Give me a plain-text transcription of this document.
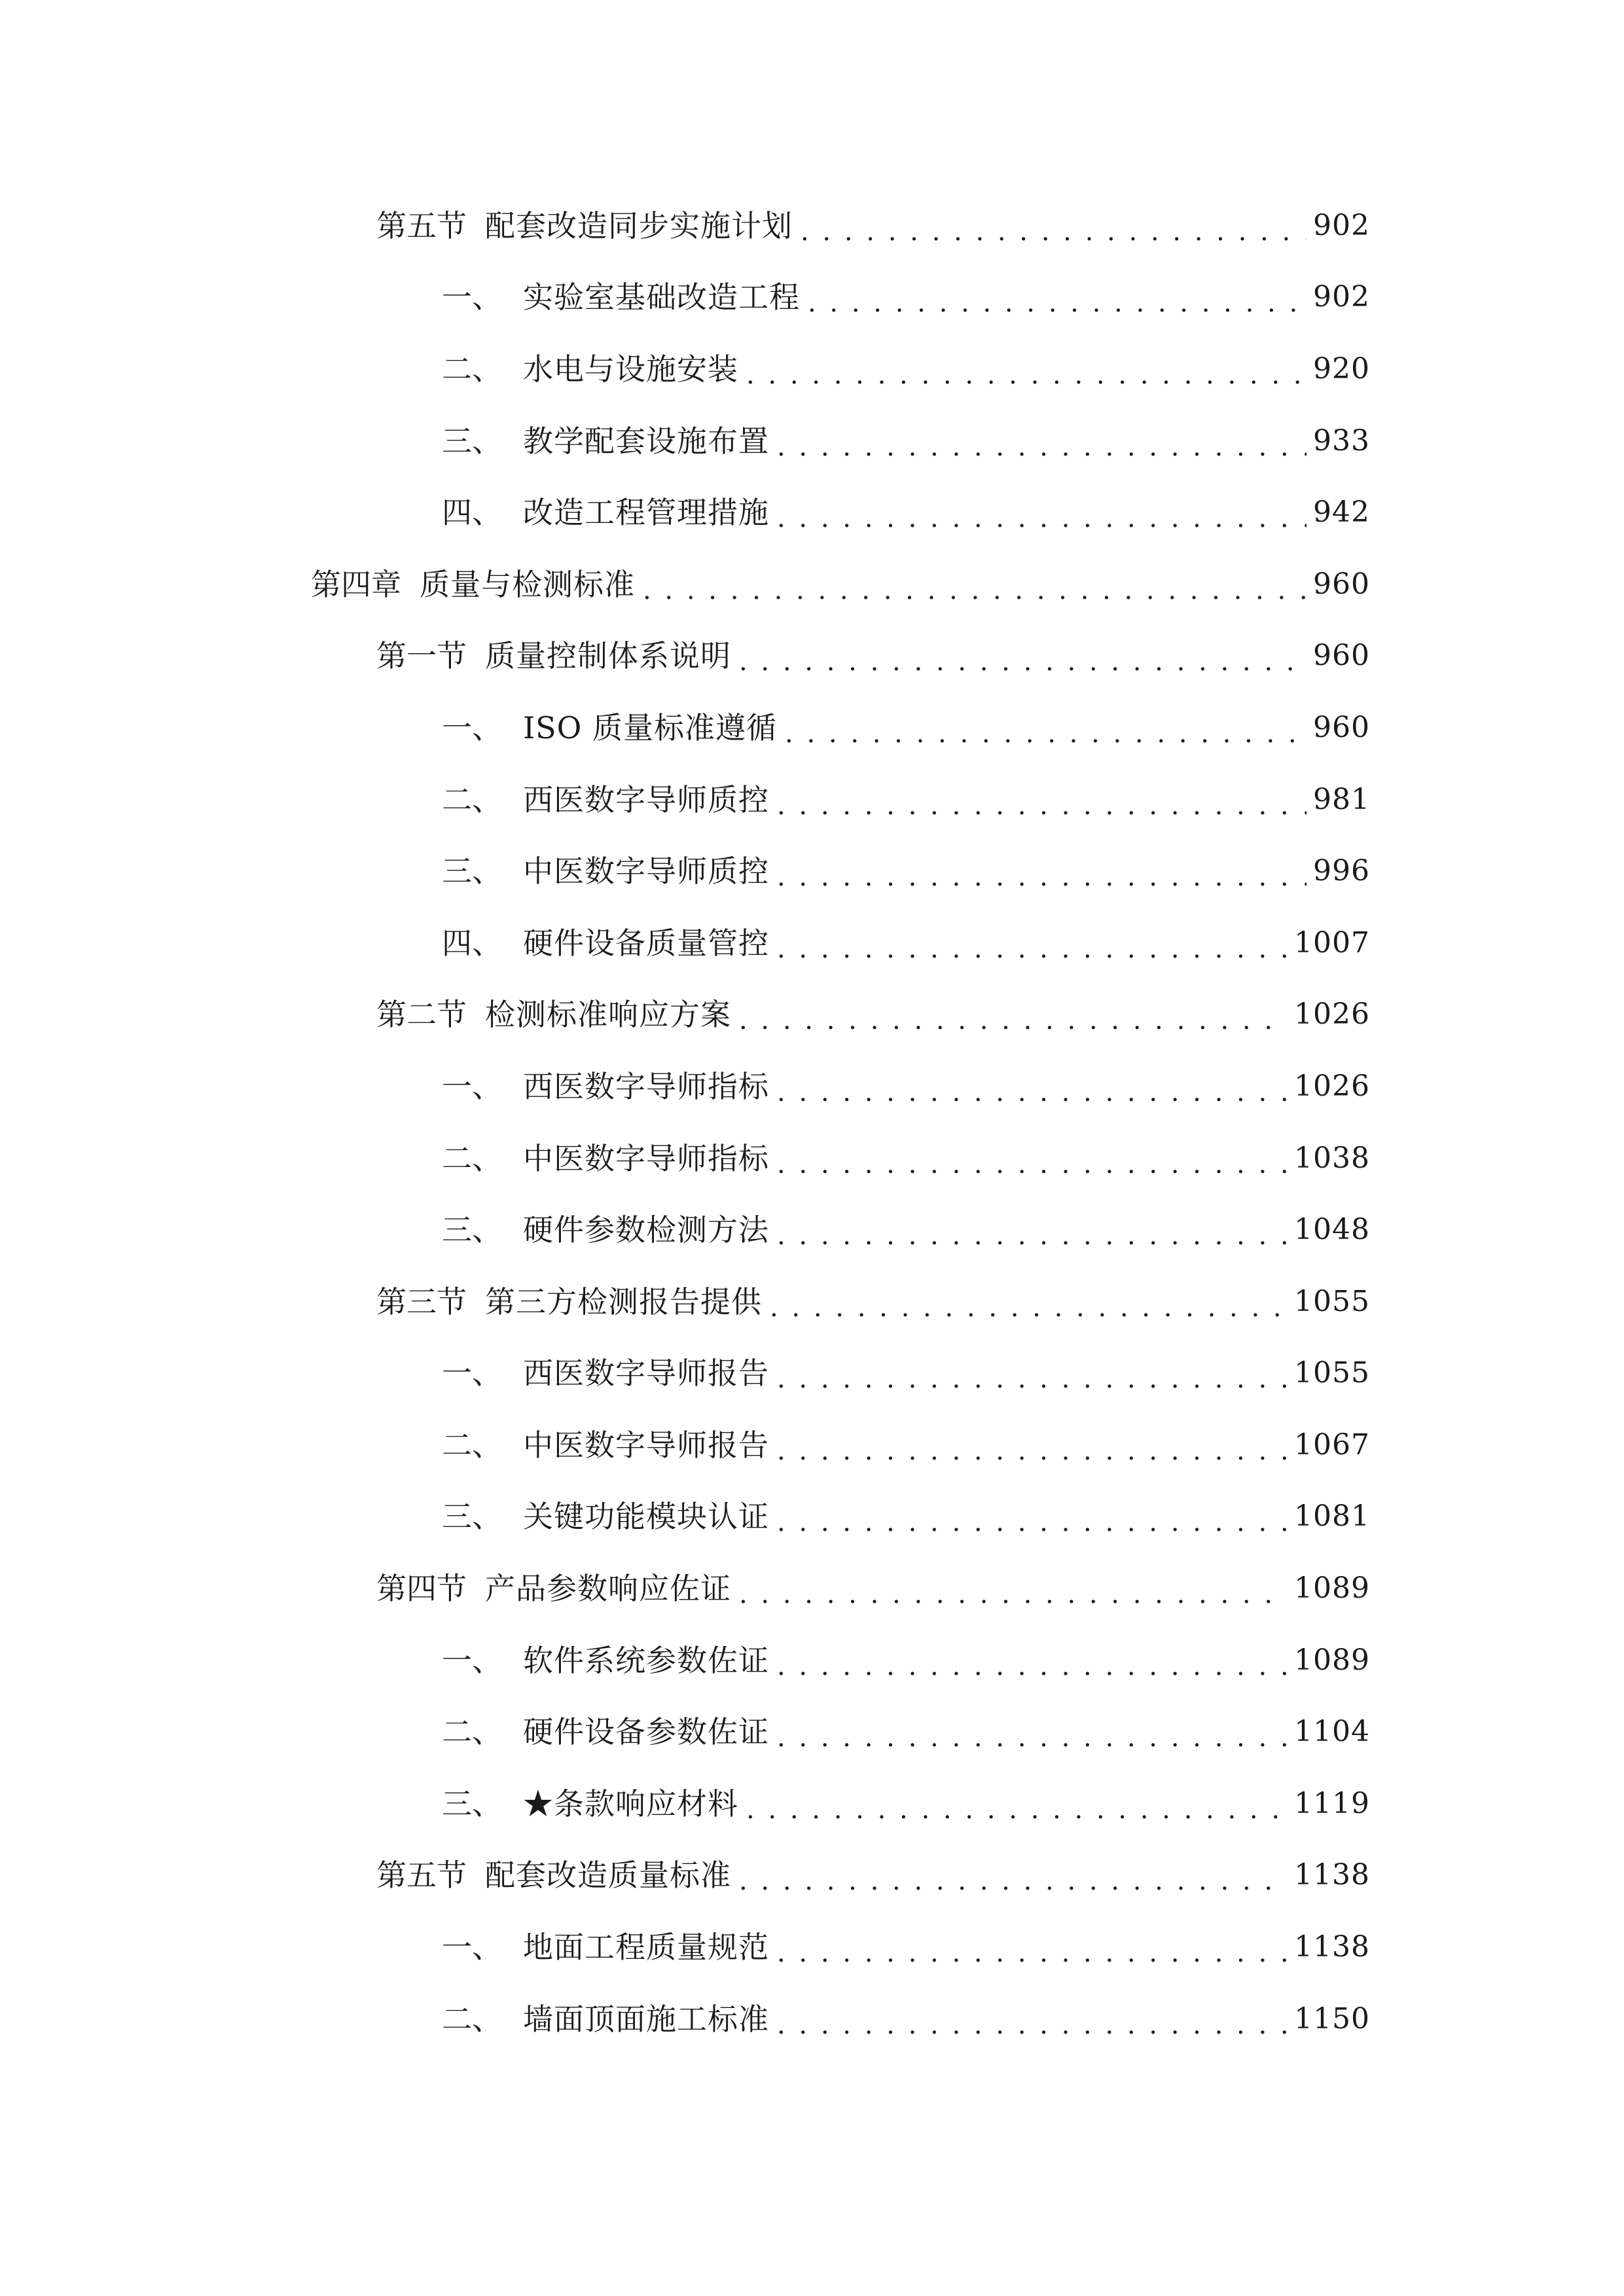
第五节 配套改造同步实施计划 . . .	902
一、 实验室基础改造工程 . . .	902
二、 水电与设施安装 . . .	920
三、 教学配套设施布置 . . .	933
四、 改造工程管理措施 . . .	942
第四章 质量与检测标准 . . .	960
第一节 质量控制体系说明 . . .	960
一、 ISO 质量标准遵循 . . .	960
二、 西医数字导师质控 . . .	981
三、 中医数字导师质控 . . .	996
四、 硬件设备质量管控 . . .	1007
第二节 检测标准响应方案 . . .	1026
一、 西医数字导师指标 . . .	1026
二、 中医数字导师指标 . . .	1038
三、 硬件参数检测方法 . . .	1048
第三节 第三方检测报告提供 . . .	1055
一、 西医数字导师报告 . . .	1055
二、 中医数字导师报告 . . .	1067
三、 关键功能模块认证 . . .	1081
第四节 产品参数响应佐证 . . .	1089
一、 软件系统参数佐证 . . .	1089
二、 硬件设备参数佐证 . . .	1104
三、 ★条款响应材料 . . .	1119
第五节 配套改造质量标准 . . .	1138
一、 地面工程质量规范 . . .	1138
二、 墙面顶面施工标准 . . .	1150
